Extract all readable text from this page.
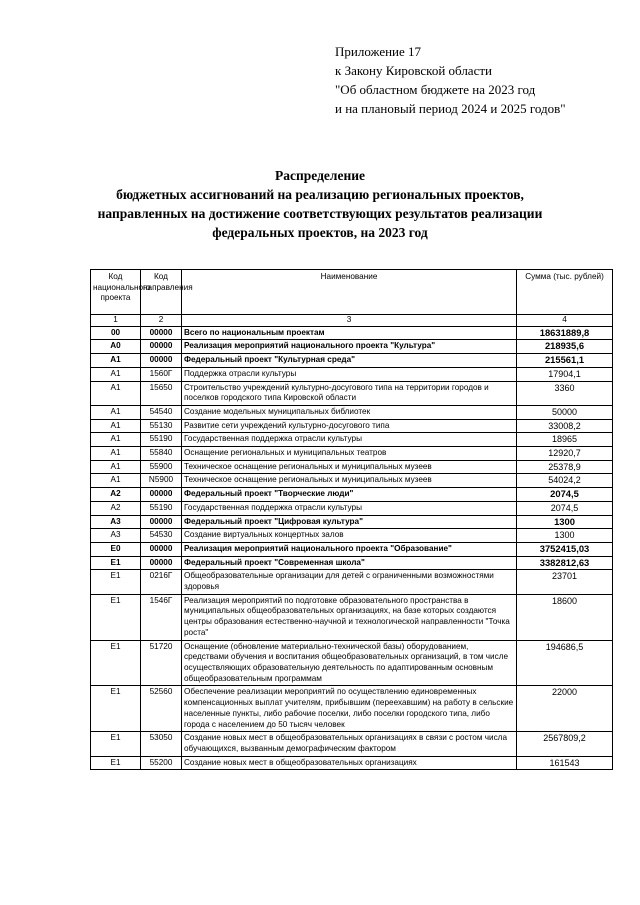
Приложение 17
к Закону Кировской области
"Об областном бюджете на 2023 год
и на плановый период 2024 и 2025 годов"
Распределение
бюджетных ассигнований на реализацию региональных проектов,
направленных на достижение соответствующих результатов реализации
федеральных проектов, на 2023 год
Код национального проекта	Код направления	Наименование	Сумма (тыс. рублей)
1	2	3	4
00	00000	Всего по национальным проектам	18631889,8
А0	00000	Реализация мероприятий национального проекта "Культура"	218935,6
А1	00000	Федеральный проект "Культурная среда"	215561,1
А1	1560Г	Поддержка отрасли культуры	17904,1
А1	15650	Строительство учреждений культурно-досугового типа на территории городов и поселков городского типа Кировской области	3360
А1	54540	Создание модельных муниципальных библиотек	50000
А1	55130	Развитие сети учреждений культурно-досугового типа	33008,2
А1	55190	Государственная поддержка отрасли культуры	18965
А1	55840	Оснащение региональных и муниципальных театров	12920,7
А1	55900	Техническое оснащение региональных и муниципальных музеев	25378,9
А1	N5900	Техническое оснащение региональных и муниципальных музеев	54024,2
А2	00000	Федеральный проект "Творческие люди"	2074,5
А2	55190	Государственная поддержка отрасли культуры	2074,5
А3	00000	Федеральный проект "Цифровая культура"	1300
А3	54530	Создание виртуальных концертных залов	1300
Е0	00000	Реализация мероприятий национального проекта "Образование"	3752415,03
Е1	00000	Федеральный проект "Современная школа"	3382812,63
Е1	0216Г	Общеобразовательные организации для детей с ограниченными возможностями здоровья	23701
Е1	1546Г	Реализация мероприятий по подготовке образовательного пространства в муниципальных общеобразовательных организациях, на базе которых создаются центры образования естественно-научной и технологической направленности "Точка роста"	18600
Е1	51720	Оснащение (обновление материально-технической базы) оборудованием, средствами обучения и воспитания общеобразовательных организаций, в том числе осуществляющих образовательную деятельность по адаптированным основным общеобразовательным программам	194686,5
Е1	52560	Обеспечение реализации мероприятий по осуществлению единовременных компенсационных выплат учителям, прибывшим (переехавшим) на работу в сельские населенные пункты, либо рабочие поселки, либо поселки городского типа, либо города с населением до 50 тысяч человек	22000
Е1	53050	Создание новых мест в общеобразовательных организациях в связи с ростом числа обучающихся, вызванным демографическим фактором	2567809,2
Е1	55200	Создание новых мест в общеобразовательных организациях	161543
